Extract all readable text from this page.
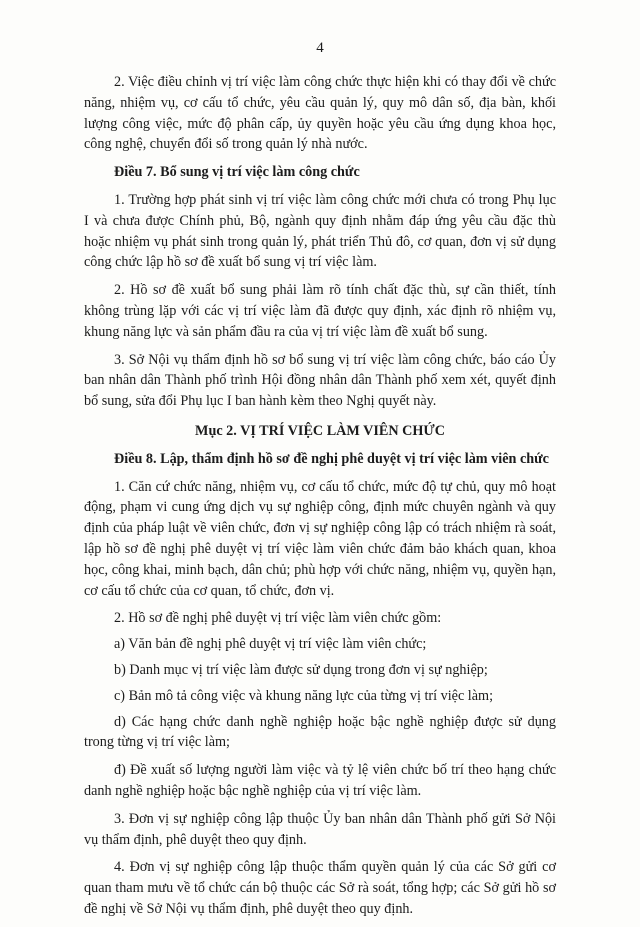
4

2. Việc điều chỉnh vị trí việc làm công chức thực hiện khi có thay đổi về chức năng, nhiệm vụ, cơ cấu tổ chức, yêu cầu quản lý, quy mô dân số, địa bàn, khối lượng công việc, mức độ phân cấp, ủy quyền hoặc yêu cầu ứng dụng khoa học, công nghệ, chuyển đổi số trong quản lý nhà nước.

Điều 7. Bổ sung vị trí việc làm công chức

1. Trường hợp phát sinh vị trí việc làm công chức mới chưa có trong Phụ lục I và chưa được Chính phủ, Bộ, ngành quy định nhằm đáp ứng yêu cầu đặc thù hoặc nhiệm vụ phát sinh trong quản lý, phát triển Thủ đô, cơ quan, đơn vị sử dụng công chức lập hồ sơ đề xuất bổ sung vị trí việc làm.

2. Hồ sơ đề xuất bổ sung phải làm rõ tính chất đặc thù, sự cần thiết, tính không trùng lặp với các vị trí việc làm đã được quy định, xác định rõ nhiệm vụ, khung năng lực và sản phẩm đầu ra của vị trí việc làm đề xuất bổ sung.

3. Sở Nội vụ thẩm định hồ sơ bổ sung vị trí việc làm công chức, báo cáo Ủy ban nhân dân Thành phố trình Hội đồng nhân dân Thành phố xem xét, quyết định bổ sung, sửa đổi Phụ lục I ban hành kèm theo Nghị quyết này.

Mục 2. VỊ TRÍ VIỆC LÀM VIÊN CHỨC

Điều 8. Lập, thẩm định hồ sơ đề nghị phê duyệt vị trí việc làm viên chức

1. Căn cứ chức năng, nhiệm vụ, cơ cấu tổ chức, mức độ tự chủ, quy mô hoạt động, phạm vi cung ứng dịch vụ sự nghiệp công, định mức chuyên ngành và quy định của pháp luật về viên chức, đơn vị sự nghiệp công lập có trách nhiệm rà soát, lập hồ sơ đề nghị phê duyệt vị trí việc làm viên chức đảm bảo khách quan, khoa học, công khai, minh bạch, dân chủ; phù hợp với chức năng, nhiệm vụ, quyền hạn, cơ cấu tổ chức của cơ quan, tổ chức, đơn vị.

2. Hồ sơ đề nghị phê duyệt vị trí việc làm viên chức gồm:

a) Văn bản đề nghị phê duyệt vị trí việc làm viên chức;

b) Danh mục vị trí việc làm được sử dụng trong đơn vị sự nghiệp;

c) Bản mô tả công việc và khung năng lực của từng vị trí việc làm;

d) Các hạng chức danh nghề nghiệp hoặc bậc nghề nghiệp được sử dụng trong từng vị trí việc làm;

đ) Đề xuất số lượng người làm việc và tỷ lệ viên chức bố trí theo hạng chức danh nghề nghiệp hoặc bậc nghề nghiệp của vị trí việc làm.

3. Đơn vị sự nghiệp công lập thuộc Ủy ban nhân dân Thành phố gửi Sở Nội vụ thẩm định, phê duyệt theo quy định.

4. Đơn vị sự nghiệp công lập thuộc thẩm quyền quản lý của các Sở gửi cơ quan tham mưu về tổ chức cán bộ thuộc các Sở rà soát, tổng hợp; các Sở gửi hồ sơ đề nghị về Sở Nội vụ thẩm định, phê duyệt theo quy định.
